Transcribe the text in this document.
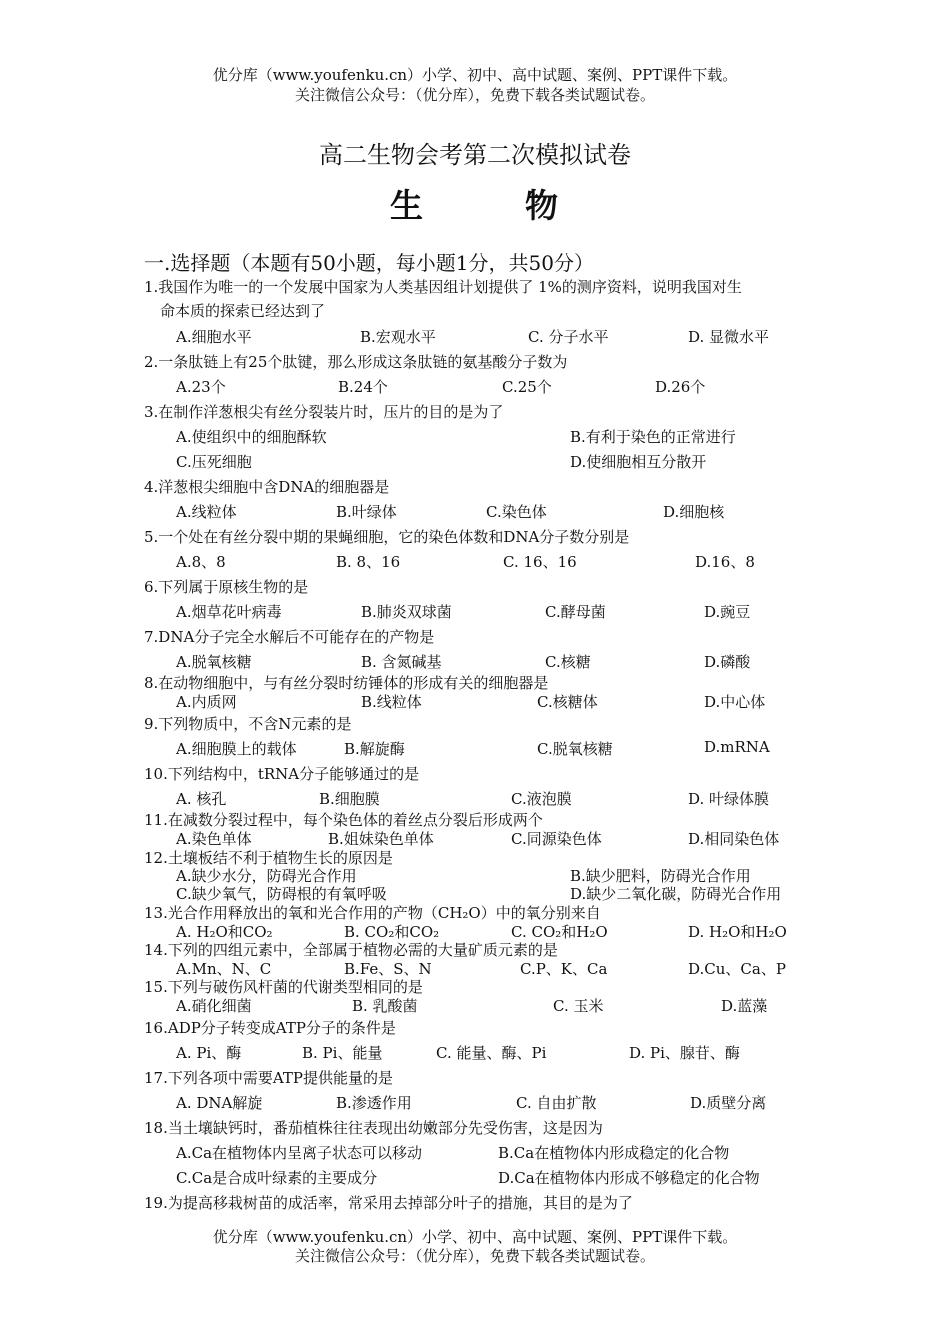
优分库（www.youfenku.cn）小学、初中、高中试题、案例、PPT课件下载。
关注微信公众号：（优分库），免费下载各类试题试卷。
高二生物会考第二次模拟试卷
生	物
一.选择题（本题有50小题，每小题1分，共50分）
1.我国作为唯一的一个发展中国家为人类基因组计划提供了 1%的测序资料，说明我国对生
命本质的探索已经达到了
A.细胞水平	B.宏观水平	C. 分子水平	D. 显微水平
2.一条肽链上有25个肽键，那么形成这条肽链的氨基酸分子数为
A.23个	B.24个	C.25个	D.26个
3.在制作洋葱根尖有丝分裂装片时，压片的目的是为了
A.使组织中的细胞酥软	B.有利于染色的正常进行
C.压死细胞	D.使细胞相互分散开
4.洋葱根尖细胞中含DNA的细胞器是
A.线粒体	B.叶绿体	C.染色体	D.细胞核
5.一个处在有丝分裂中期的果蝇细胞，它的染色体数和DNA分子数分别是
A.8、8	B. 8、16	C. 16、16	D.16、8
6.下列属于原核生物的是
A.烟草花叶病毒	B.肺炎双球菌	C.酵母菌	D.豌豆
7.DNA分子完全水解后不可能存在的产物是
A.脱氧核糖	B. 含氮碱基	C.核糖	D.磷酸
8.在动物细胞中，与有丝分裂时纺锤体的形成有关的细胞器是
A.内质网	B.线粒体	C.核糖体	D.中心体
9.下列物质中，不含N元素的是
A.细胞膜上的载体	B.解旋酶	C.脱氧核糖	D.mRNA
10.下列结构中，tRNA分子能够通过的是
A. 核孔	B.细胞膜	C.液泡膜	D. 叶绿体膜
11.在减数分裂过程中，每个染色体的着丝点分裂后形成两个
A.染色单体	B.姐妹染色单体	C.同源染色体	D.相同染色体
12.土壤板结不利于植物生长的原因是
A.缺少水分，防碍光合作用	B.缺少肥料，防碍光合作用
C.缺少氧气，防碍根的有氧呼吸	D.缺少二氧化碳，防碍光合作用
13.光合作用释放出的氧和光合作用的产物（CH₂O）中的氧分别来自
A. H₂O和CO₂	B. CO₂和CO₂	C. CO₂和H₂O	D. H₂O和H₂O
14.下列的四组元素中，全部属于植物必需的大量矿质元素的是
A.Mn、N、C	B.Fe、S、N	C.P、K、Ca	D.Cu、Ca、P
15.下列与破伤风杆菌的代谢类型相同的是
A.硝化细菌	B. 乳酸菌	C. 玉米	D.蓝藻
16.ADP分子转变成ATP分子的条件是
A. Pi、酶	B. Pi、能量	C. 能量、酶、Pi	D. Pi、腺苷、酶
17.下列各项中需要ATP提供能量的是
A. DNA解旋	B.渗透作用	C. 自由扩散	D.质壁分离
18.当土壤缺钙时，番茄植株往往表现出幼嫩部分先受伤害，这是因为
A.Ca在植物体内呈离子状态可以移动	B.Ca在植物体内形成稳定的化合物
C.Ca是合成叶绿素的主要成分	D.Ca在植物体内形成不够稳定的化合物
19.为提高移栽树苗的成活率，常采用去掉部分叶子的措施，其目的是为了
优分库（www.youfenku.cn）小学、初中、高中试题、案例、PPT课件下载。
关注微信公众号：（优分库），免费下载各类试题试卷。
